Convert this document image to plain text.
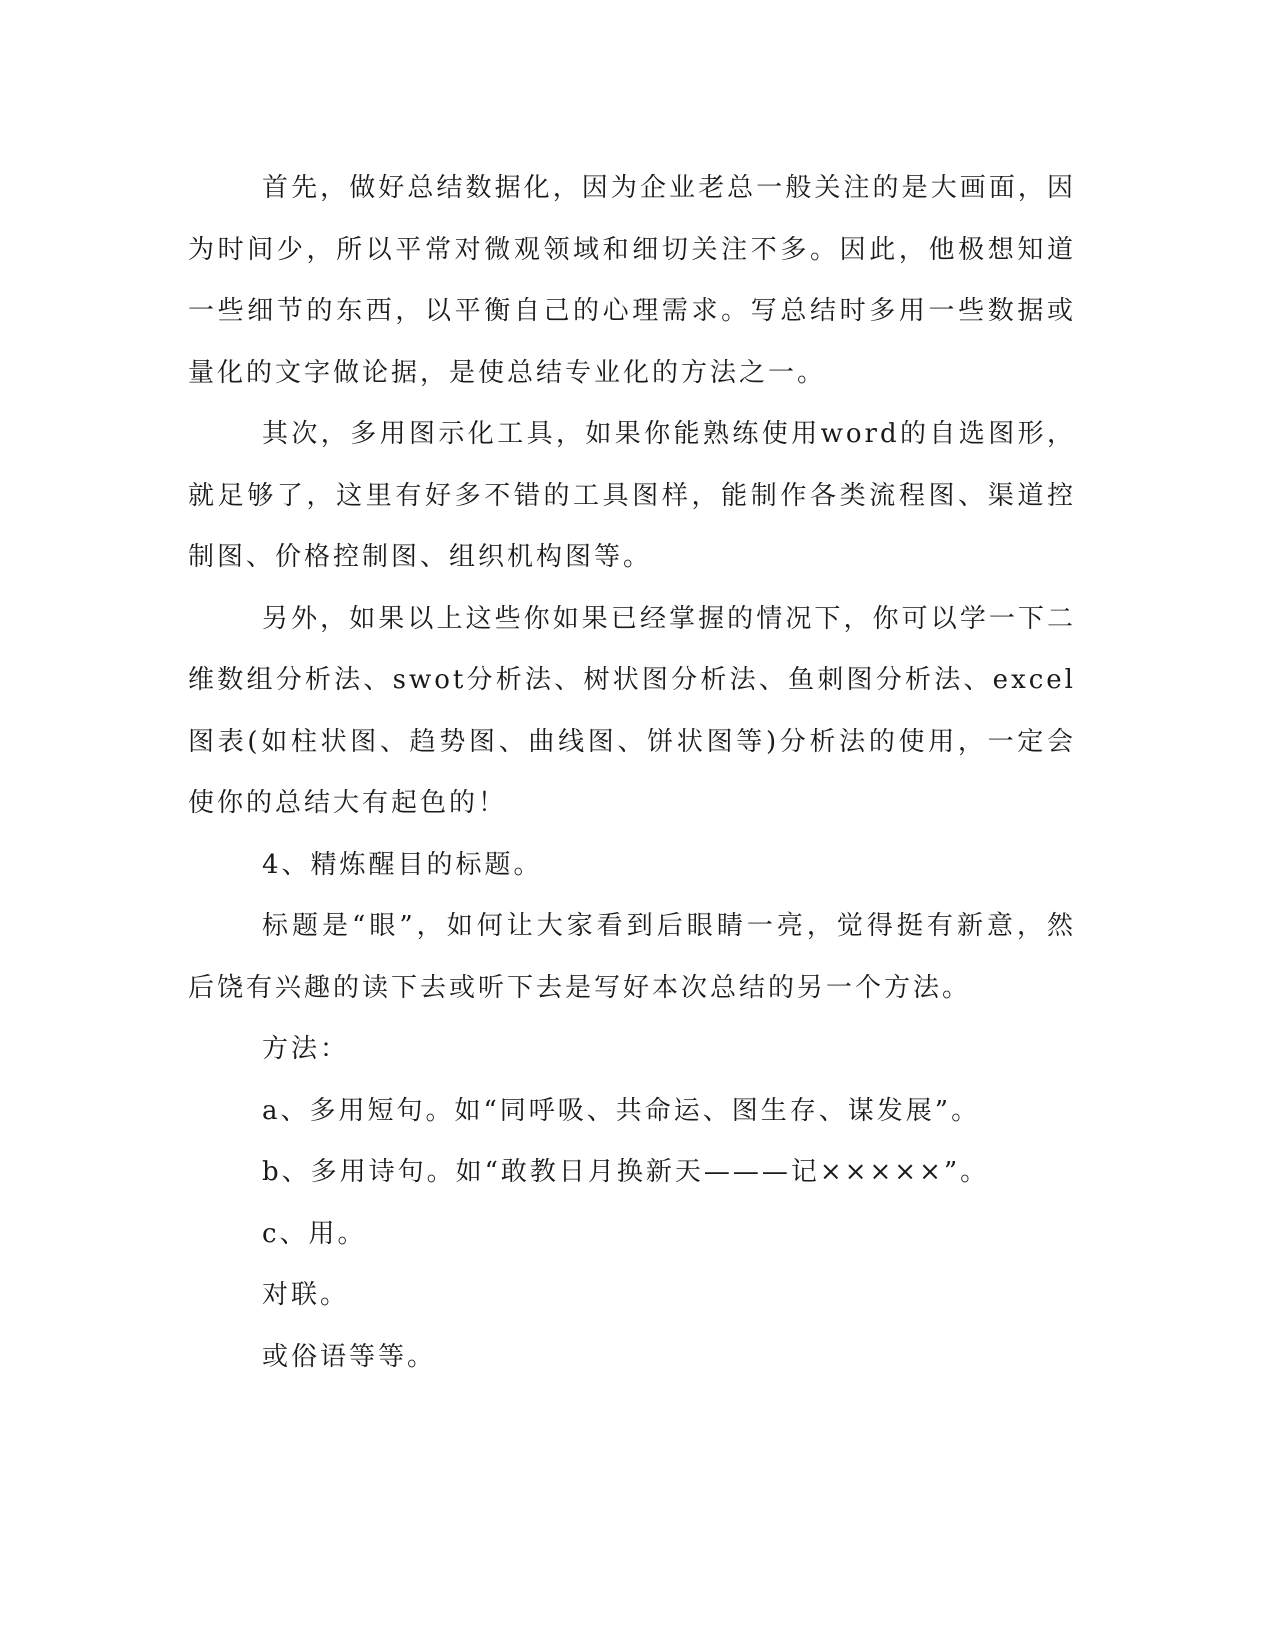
首先，做好总结数据化，因为企业老总一般关注的是大画面，因为时间少，所以平常对微观领域和细切关注不多。因此，他极想知道一些细节的东西，以平衡自己的心理需求。写总结时多用一些数据或量化的文字做论据，是使总结专业化的方法之一。

其次，多用图示化工具，如果你能熟练使用word的自选图形，就足够了，这里有好多不错的工具图样，能制作各类流程图、渠道控制图、价格控制图、组织机构图等。

另外，如果以上这些你如果已经掌握的情况下，你可以学一下二维数组分析法、swot分析法、树状图分析法、鱼刺图分析法、excel图表(如柱状图、趋势图、曲线图、饼状图等)分析法的使用，一定会使你的总结大有起色的！

4、精炼醒目的标题。

标题是“眼”，如何让大家看到后眼睛一亮，觉得挺有新意，然后饶有兴趣的读下去或听下去是写好本次总结的另一个方法。

方法：

a、多用短句。如“同呼吸、共命运、图生存、谋发展”。

b、多用诗句。如“敢教日月换新天———记×××××”。

c、用。

对联。

或俗语等等。
